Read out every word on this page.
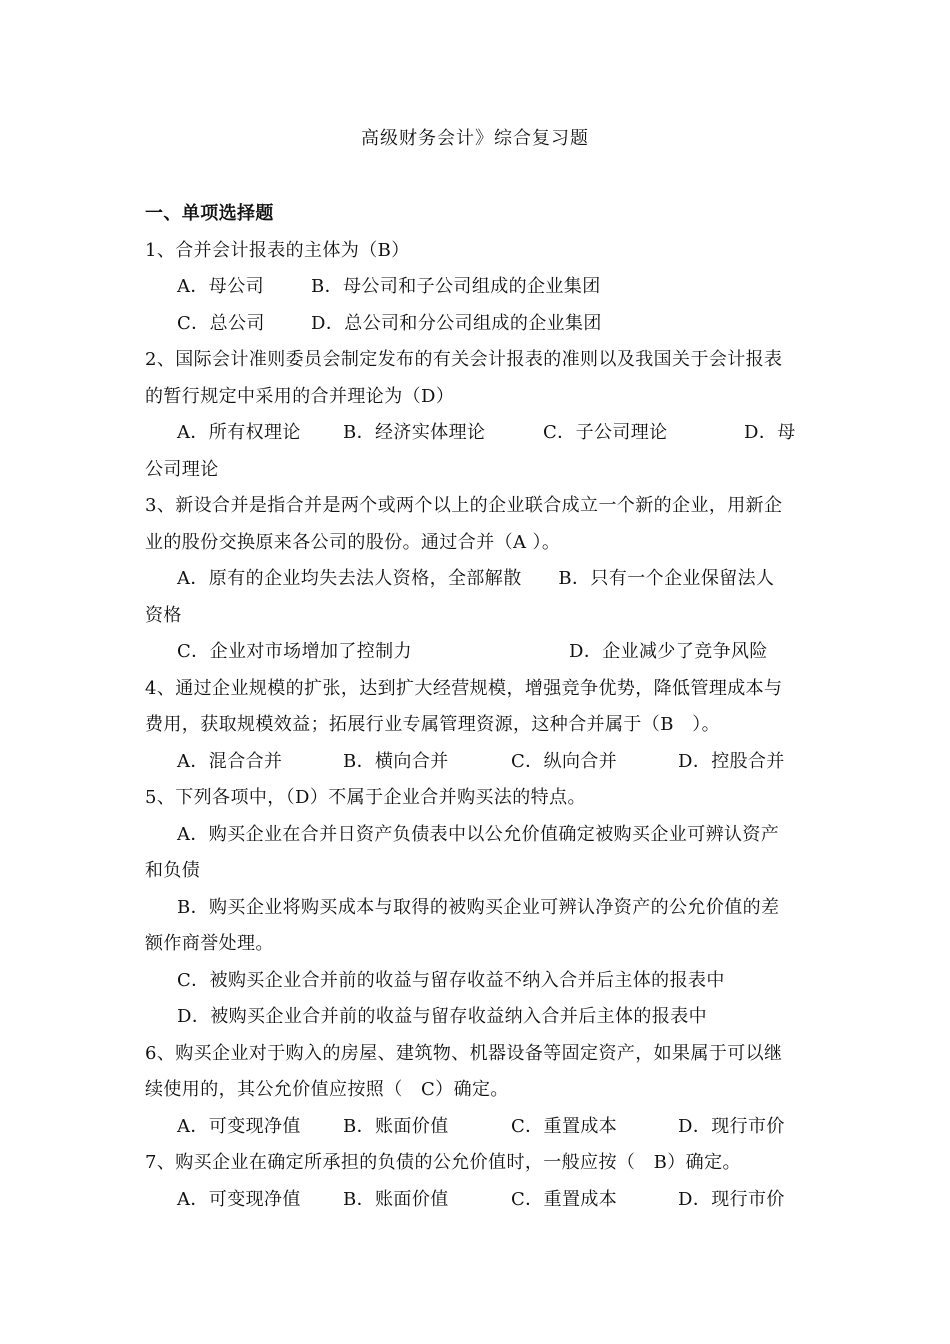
高级财务会计》综合复习题
一、单项选择题
1、合并会计报表的主体为（B）
A．母公司	B．母公司和子公司组成的企业集团
C．总公司	D．总公司和分公司组成的企业集团
2、国际会计准则委员会制定发布的有关会计报表的准则以及我国关于会计报表
的暂行规定中采用的合并理论为（D）
A．所有权理论	B．经济实体理论	C．子公司理论	D．母
公司理论
3、新设合并是指合并是两个或两个以上的企业联合成立一个新的企业，用新企
业的股份交换原来各公司的股份。通过合并（A ）。
A．原有的企业均失去法人资格，全部解散　　B．只有一个企业保留法人
资格
C．企业对市场增加了控制力	D．企业减少了竞争风险
4、通过企业规模的扩张，达到扩大经营规模，增强竞争优势，降低管理成本与
费用，获取规模效益；拓展行业专属管理资源，这种合并属于（B　）。
A．混合合并	B．横向合并	C．纵向合并	D．控股合并
5、下列各项中，（D）不属于企业合并购买法的特点。
A．购买企业在合并日资产负债表中以公允价值确定被购买企业可辨认资产
和负债
B．购买企业将购买成本与取得的被购买企业可辨认净资产的公允价值的差
额作商誉处理。
C．被购买企业合并前的收益与留存收益不纳入合并后主体的报表中
D．被购买企业合并前的收益与留存收益纳入合并后主体的报表中
6、购买企业对于购入的房屋、建筑物、机器设备等固定资产，如果属于可以继
续使用的，其公允价值应按照（　C）确定。
A．可变现净值	B．账面价值	C．重置成本	D．现行市价
7、购买企业在确定所承担的负债的公允价值时，一般应按（　B）确定。
A．可变现净值	B．账面价值	C．重置成本	D．现行市价
